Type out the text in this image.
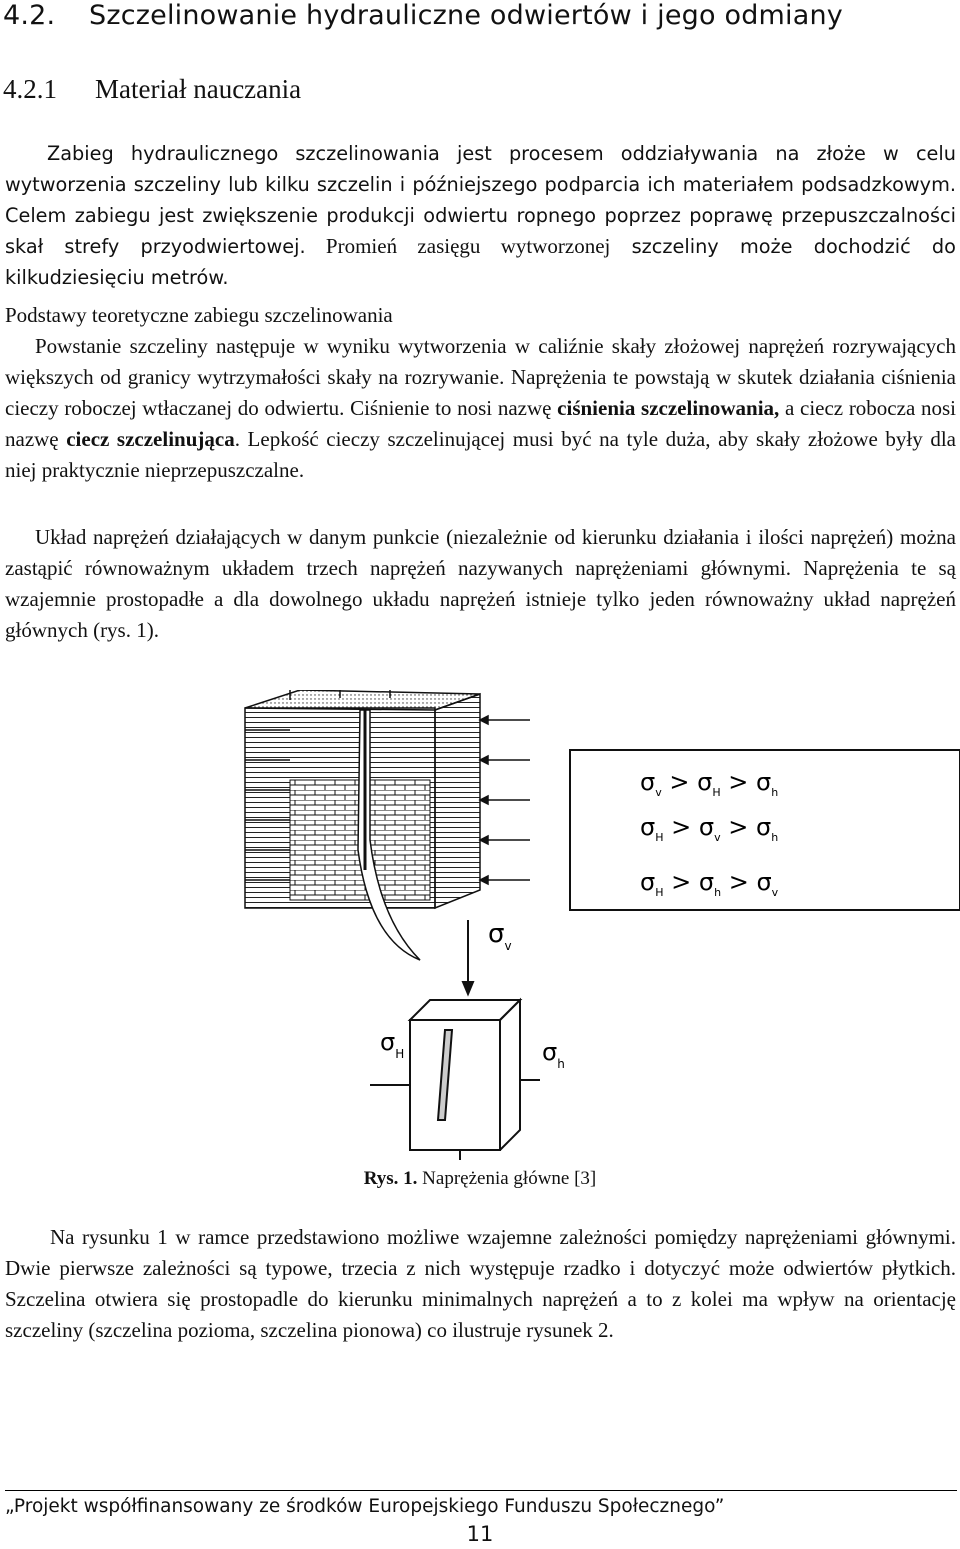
4.2. Szczelinowanie hydrauliczne odwiertów i jego odmiany
4.2.1 Materiał nauczania
Zabieg hydraulicznego szczelinowania jest procesem oddziaływania na złoże w celu wytworzenia szczeliny lub kilku szczelin i późniejszego podparcia ich materiałem podsadzkowym. Celem zabiegu jest zwiększenie produkcji odwiertu ropnego poprzez poprawę przepuszczalności skał strefy przyodwiertowej. Promień zasięgu wytworzonej szczeliny może dochodzić do kilkudziesięciu metrów.
Podstawy teoretyczne zabiegu szczelinowania
Powstanie szczeliny następuje w wyniku wytworzenia w caliźnie skały złożowej naprężeń rozrywających większych od granicy wytrzymałości skały na rozrywanie. Naprężenia te powstają w skutek działania ciśnienia cieczy roboczej wtłaczanej do odwiertu. Ciśnienie to nosi nazwę ciśnienia szczelinowania, a ciecz robocza nosi nazwę ciecz szczelinująca. Lepkość cieczy szczelinującej musi być na tyle duża, aby skały złożowe były dla niej praktycznie nieprzepuszczalne.
Układ naprężeń działających w danym punkcie (niezależnie od kierunku działania i ilości naprężeń) można zastąpić równoważnym układem trzech naprężeń nazywanych naprężeniami głównymi. Naprężenia te są wzajemnie prostopadłe a dla dowolnego układu naprężeń istnieje tylko jeden równoważny układ naprężeń głównych (rys. 1).
$\sigma_v$
$\sigma_H$	$\sigma_h$
$\sigma_v > \sigma_H > \sigma_h$
$\sigma_H > \sigma_v > \sigma_h$
$\sigma_H > \sigma_h > \sigma_v$
Rys. 1. Naprężenia główne [3]
Na rysunku 1 w ramce przedstawiono możliwe wzajemne zależności pomiędzy naprężeniami głównymi. Dwie pierwsze zależności są typowe, trzecia z nich występuje rzadko i dotyczyć może odwiertów płytkich. Szczelina otwiera się prostopadle do kierunku minimalnych naprężeń a to z kolei ma wpływ na orientację szczeliny (szczelina pozioma, szczelina pionowa) co ilustruje rysunek 2.
„Projekt współfinansowany ze środków Europejskiego Funduszu Społecznego”
11
